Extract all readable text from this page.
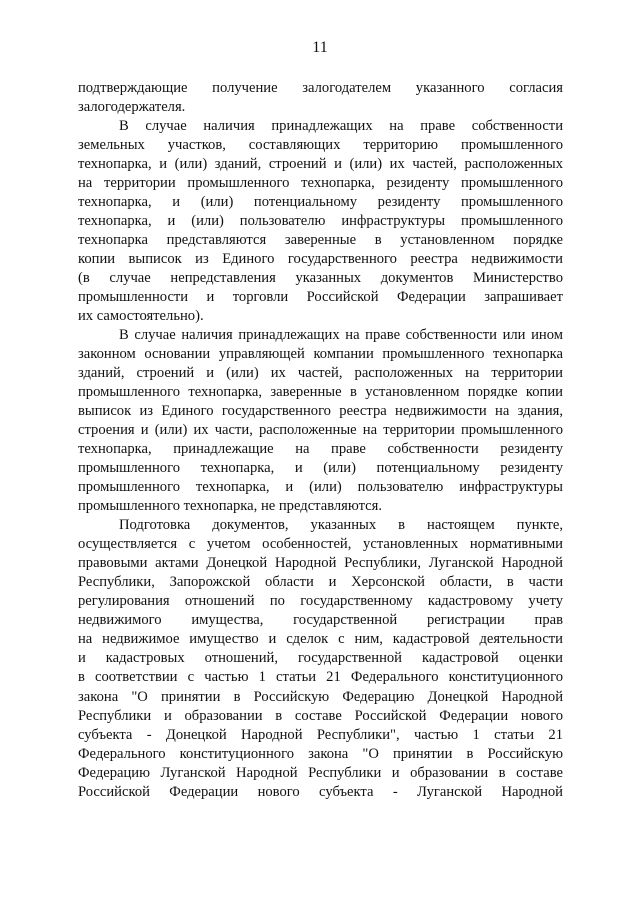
11
подтверждающие получение залогодателем указанного согласия
залогодержателя.
В случае наличия принадлежащих на праве собственности
земельных участков, составляющих территорию промышленного
технопарка, и (или) зданий, строений и (или) их частей, расположенных
на территории промышленного технопарка, резиденту промышленного
технопарка, и (или) потенциальному резиденту промышленного
технопарка, и (или) пользователю инфраструктуры промышленного
технопарка представляются заверенные в установленном порядке
копии выписок из Единого государственного реестра недвижимости
(в случае непредставления указанных документов Министерство
промышленности и торговли Российской Федерации запрашивает
их самостоятельно).
В случае наличия принадлежащих на праве собственности или ином
законном основании управляющей компании промышленного технопарка
зданий, строений и (или) их частей, расположенных на территории
промышленного технопарка, заверенные в установленном порядке копии
выписок из Единого государственного реестра недвижимости на здания,
строения и (или) их части, расположенные на территории промышленного
технопарка, принадлежащие на праве собственности резиденту
промышленного технопарка, и (или) потенциальному резиденту
промышленного технопарка, и (или) пользователю инфраструктуры
промышленного технопарка, не представляются.
Подготовка документов, указанных в настоящем пункте,
осуществляется с учетом особенностей, установленных нормативными
правовыми актами Донецкой Народной Республики, Луганской Народной
Республики, Запорожской области и Херсонской области, в части
регулирования отношений по государственному кадастровому учету
недвижимого имущества, государственной регистрации прав
на недвижимое имущество и сделок с ним, кадастровой деятельности
и кадастровых отношений, государственной кадастровой оценки
в соответствии с частью 1 статьи 21 Федерального конституционного
закона "О принятии в Российскую Федерацию Донецкой Народной
Республики и образовании в составе Российской Федерации нового
субъекта - Донецкой Народной Республики", частью 1 статьи 21
Федерального конституционного закона "О принятии в Российскую
Федерацию Луганской Народной Республики и образовании в составе
Российской Федерации нового субъекта - Луганской Народной
